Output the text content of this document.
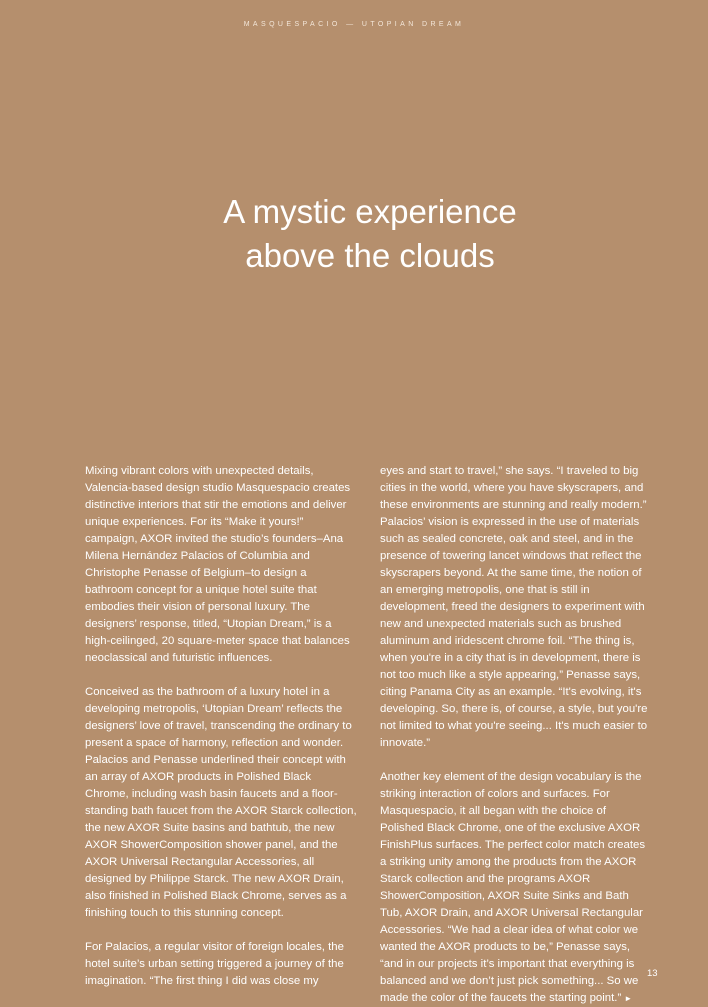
MASQUESPACIO — UTOPIAN DREAM
A mystic experience
above the clouds

Mixing vibrant colors with unexpected details, Valencia-based design studio Masquespacio creates distinctive interiors that stir the emotions and deliver unique experiences. For its “Make it yours!” campaign, AXOR invited the studio’s founders–Ana Milena Hernández Palacios of Columbia and Christophe Penasse of Belgium–to design a bathroom concept for a unique hotel suite that embodies their vision of personal luxury. The designers’ response, titled, “Utopian Dream,” is a high-ceilinged, 20 square-meter space that balances neoclassical and futuristic influences.

Conceived as the bathroom of a luxury hotel in a developing metropolis, ‘Utopian Dream’ reflects the designers’ love of travel, transcending the ordinary to present a space of harmony, reflection and wonder. Palacios and Penasse underlined their concept with an array of AXOR products in Polished Black Chrome, including wash basin faucets and a floor-standing bath faucet from the AXOR Starck collection, the new AXOR Suite basins and bathtub, the new AXOR ShowerComposition shower panel, and the AXOR Universal Rectangular Accessories, all designed by Philippe Starck. The new AXOR Drain, also finished in Polished Black Chrome, serves as a finishing touch to this stunning concept.

For Palacios, a regular visitor of foreign locales, the hotel suite’s urban setting triggered a journey of the imagination. “The first thing I did was close my

eyes and start to travel,” she says. “I traveled to big cities in the world, where you have skyscrapers, and these environments are stunning and really modern.” Palacios’ vision is expressed in the use of materials such as sealed concrete, oak and steel, and in the presence of towering lancet windows that reflect the skyscrapers beyond. At the same time, the notion of an emerging metropolis, one that is still in development, freed the designers to experiment with new and unexpected materials such as brushed aluminum and iridescent chrome foil. “The thing is, when you're in a city that is in development, there is not too much like a style appearing,” Penasse says, citing Panama City as an example. “It's evolving, it's developing. So, there is, of course, a style, but you're not limited to what you're seeing... It's much easier to innovate.”

Another key element of the design vocabulary is the striking interaction of colors and surfaces. For Masquespacio, it all began with the choice of Polished Black Chrome, one of the exclusive AXOR FinishPlus surfaces. The perfect color match creates a striking unity among the products from the AXOR Starck collection and the programs AXOR ShowerComposition, AXOR Suite Sinks and Bath Tub, AXOR Drain, and AXOR Universal Rectangular Accessories. “We had a clear idea of what color we wanted the AXOR products to be,” Penasse says, “and in our projects it’s important that everything is balanced and we don’t just pick something... So we made the color of the faucets the starting point.” ►

13
